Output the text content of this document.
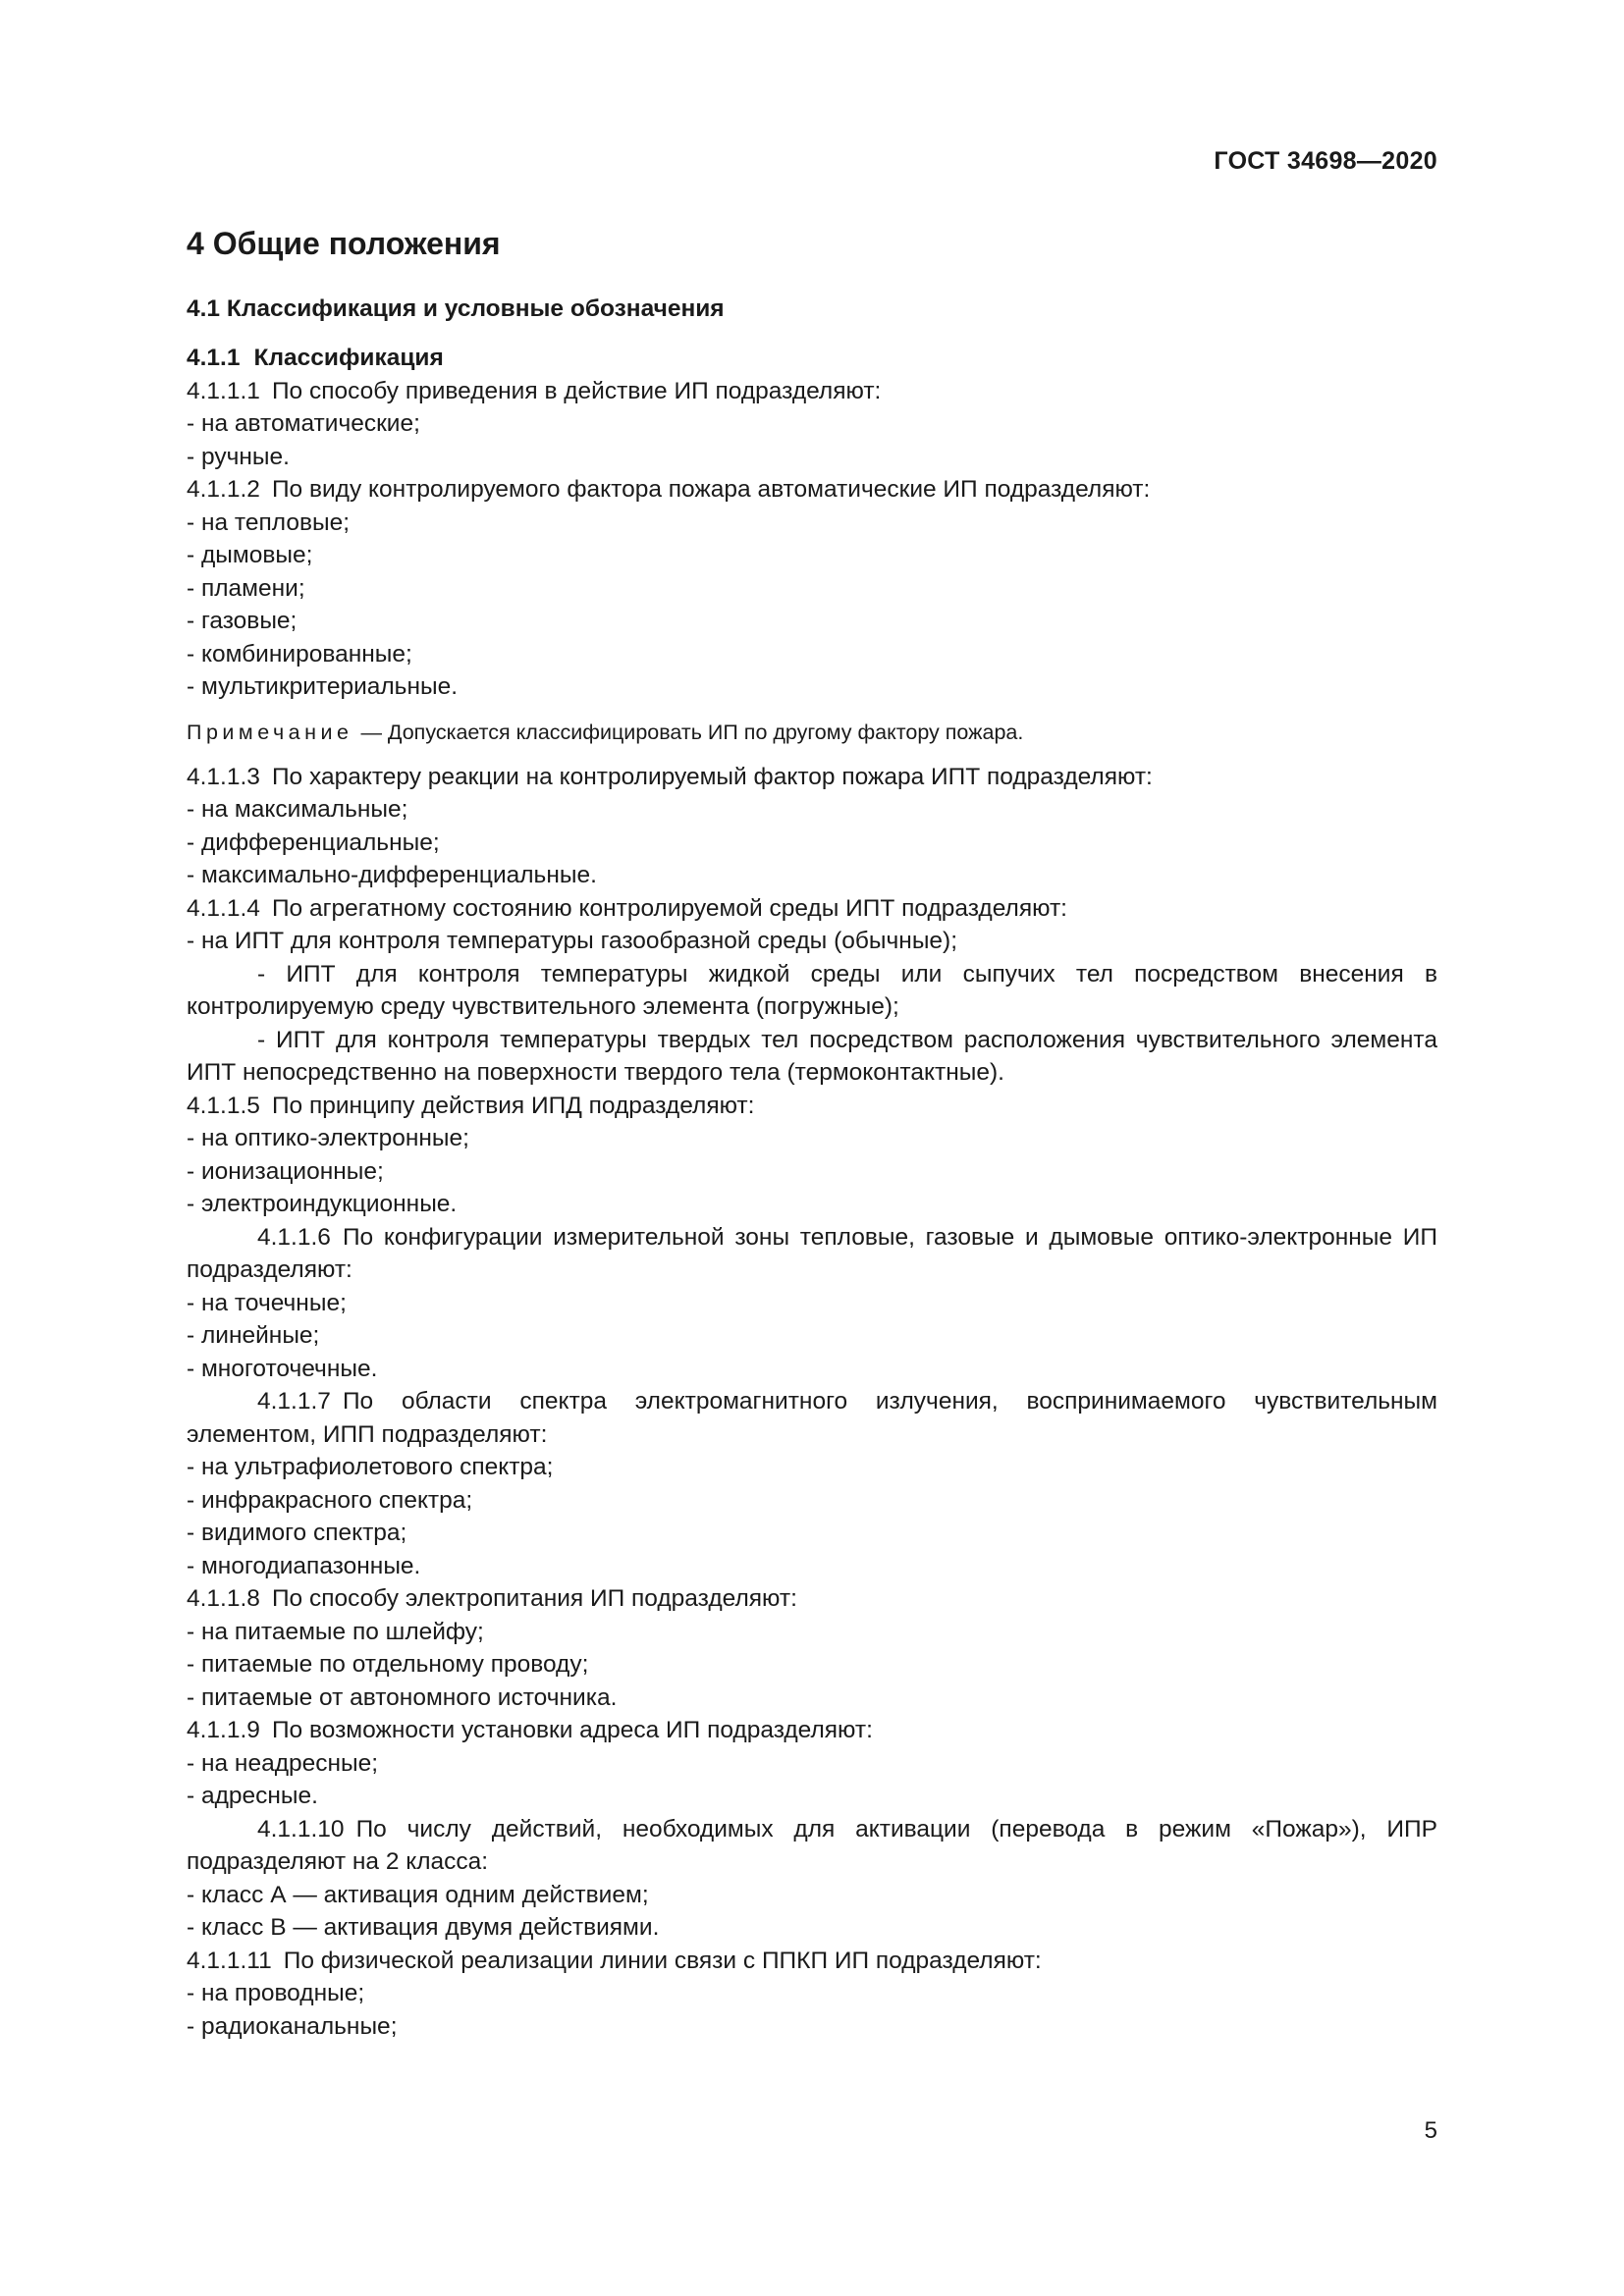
ГОСТ 34698—2020
4 Общие положения
4.1 Классификация и условные обозначения
4.1.1 Классификация
4.1.1.1 По способу приведения в действие ИП подразделяют:
- на автоматические;
- ручные.
4.1.1.2 По виду контролируемого фактора пожара автоматические ИП подразделяют:
- на тепловые;
- дымовые;
- пламени;
- газовые;
- комбинированные;
- мультикритериальные.
Примечание — Допускается классифицировать ИП по другому фактору пожара.
4.1.1.3 По характеру реакции на контролируемый фактор пожара ИПТ подразделяют:
- на максимальные;
- дифференциальные;
- максимально-дифференциальные.
4.1.1.4 По агрегатному состоянию контролируемой среды ИПТ подразделяют:
- на ИПТ для контроля температуры газообразной среды (обычные);
- ИПТ для контроля температуры жидкой среды или сыпучих тел посредством внесения в контролируемую среду чувствительного элемента (погружные);
- ИПТ для контроля температуры твердых тел посредством расположения чувствительного элемента ИПТ непосредственно на поверхности твердого тела (термоконтактные).
4.1.1.5 По принципу действия ИПД подразделяют:
- на оптико-электронные;
- ионизационные;
- электроиндукционные.
4.1.1.6 По конфигурации измерительной зоны тепловые, газовые и дымовые оптико-электронные ИП подразделяют:
- на точечные;
- линейные;
- многоточечные.
4.1.1.7 По области спектра электромагнитного излучения, воспринимаемого чувствительным элементом, ИПП подразделяют:
- на ультрафиолетового спектра;
- инфракрасного спектра;
- видимого спектра;
- многодиапазонные.
4.1.1.8 По способу электропитания ИП подразделяют:
- на питаемые по шлейфу;
- питаемые по отдельному проводу;
- питаемые от автономного источника.
4.1.1.9 По возможности установки адреса ИП подразделяют:
- на неадресные;
- адресные.
4.1.1.10 По числу действий, необходимых для активации (перевода в режим «Пожар»), ИПР подразделяют на 2 класса:
- класс А — активация одним действием;
- класс В — активация двумя действиями.
4.1.1.11 По физической реализации линии связи с ППКП ИП подразделяют:
- на проводные;
- радиоканальные;
5
